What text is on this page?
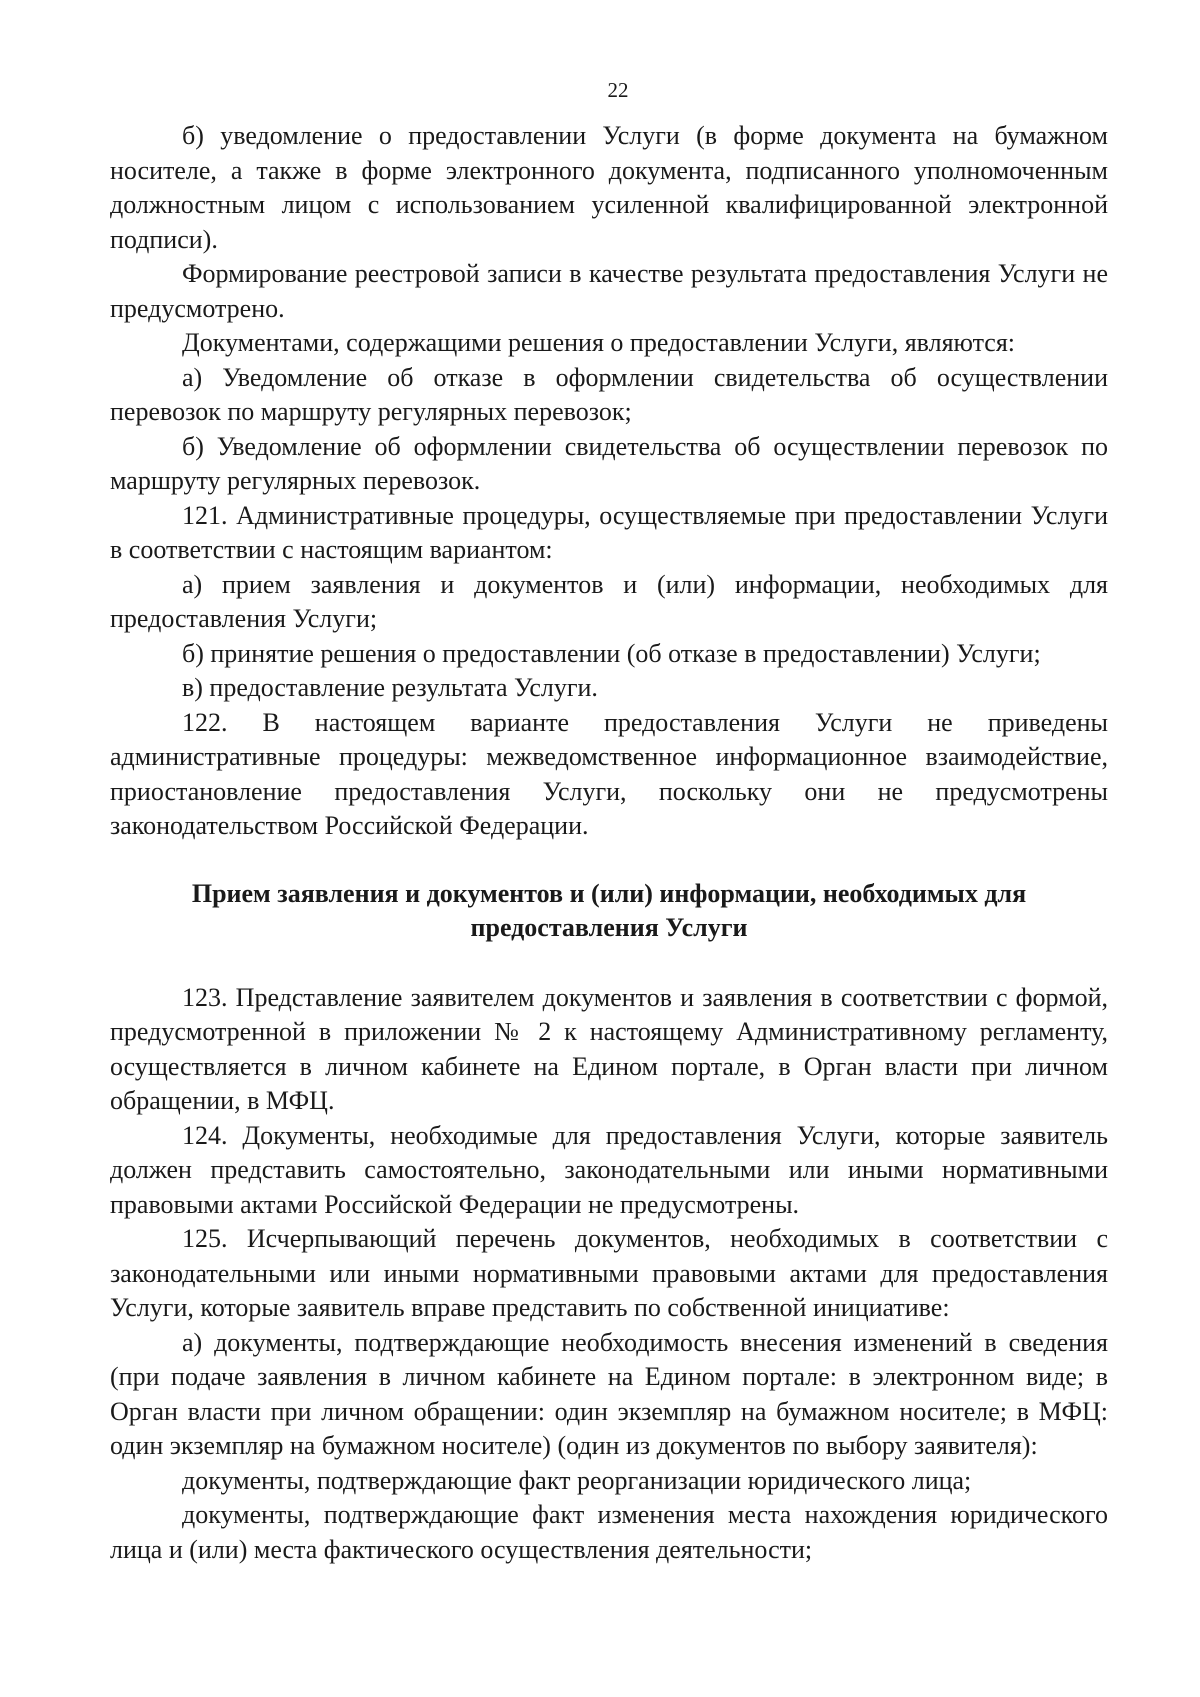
22

б) уведомление о предоставлении Услуги (в форме документа на бумажном носителе, а также в форме электронного документа, подписанного уполномоченным должностным лицом с использованием усиленной квалифицированной электронной подписи).

Формирование реестровой записи в качестве результата предоставления Услуги не предусмотрено.

Документами, содержащими решения о предоставлении Услуги, являются:

а) Уведомление об отказе в оформлении свидетельства об осуществлении перевозок по маршруту регулярных перевозок;

б) Уведомление об оформлении свидетельства об осуществлении перевозок по маршруту регулярных перевозок.

121. Административные процедуры, осуществляемые при предоставлении Услуги в соответствии с настоящим вариантом:

а) прием заявления и документов и (или) информации, необходимых для предоставления Услуги;

б) принятие решения о предоставлении (об отказе в предоставлении) Услуги;

в) предоставление результата Услуги.

122. В настоящем варианте предоставления Услуги не приведены административные процедуры: межведомственное информационное взаимодействие, приостановление предоставления Услуги, поскольку они не предусмотрены законодательством Российской Федерации.

Прием заявления и документов и (или) информации, необходимых для предоставления Услуги

123. Представление заявителем документов и заявления в соответствии с формой, предусмотренной в приложении № 2 к настоящему Административному регламенту, осуществляется в личном кабинете на Едином портале, в Орган власти при личном обращении, в МФЦ.

124. Документы, необходимые для предоставления Услуги, которые заявитель должен представить самостоятельно, законодательными или иными нормативными правовыми актами Российской Федерации не предусмотрены.

125. Исчерпывающий перечень документов, необходимых в соответствии с законодательными или иными нормативными правовыми актами для предоставления Услуги, которые заявитель вправе представить по собственной инициативе:

а) документы, подтверждающие необходимость внесения изменений в сведения (при подаче заявления в личном кабинете на Едином портале: в электронном виде; в Орган власти при личном обращении: один экземпляр на бумажном носителе; в МФЦ: один экземпляр на бумажном носителе) (один из документов по выбору заявителя):

документы, подтверждающие факт реорганизации юридического лица;

документы, подтверждающие факт изменения места нахождения юридического лица и (или) места фактического осуществления деятельности;
